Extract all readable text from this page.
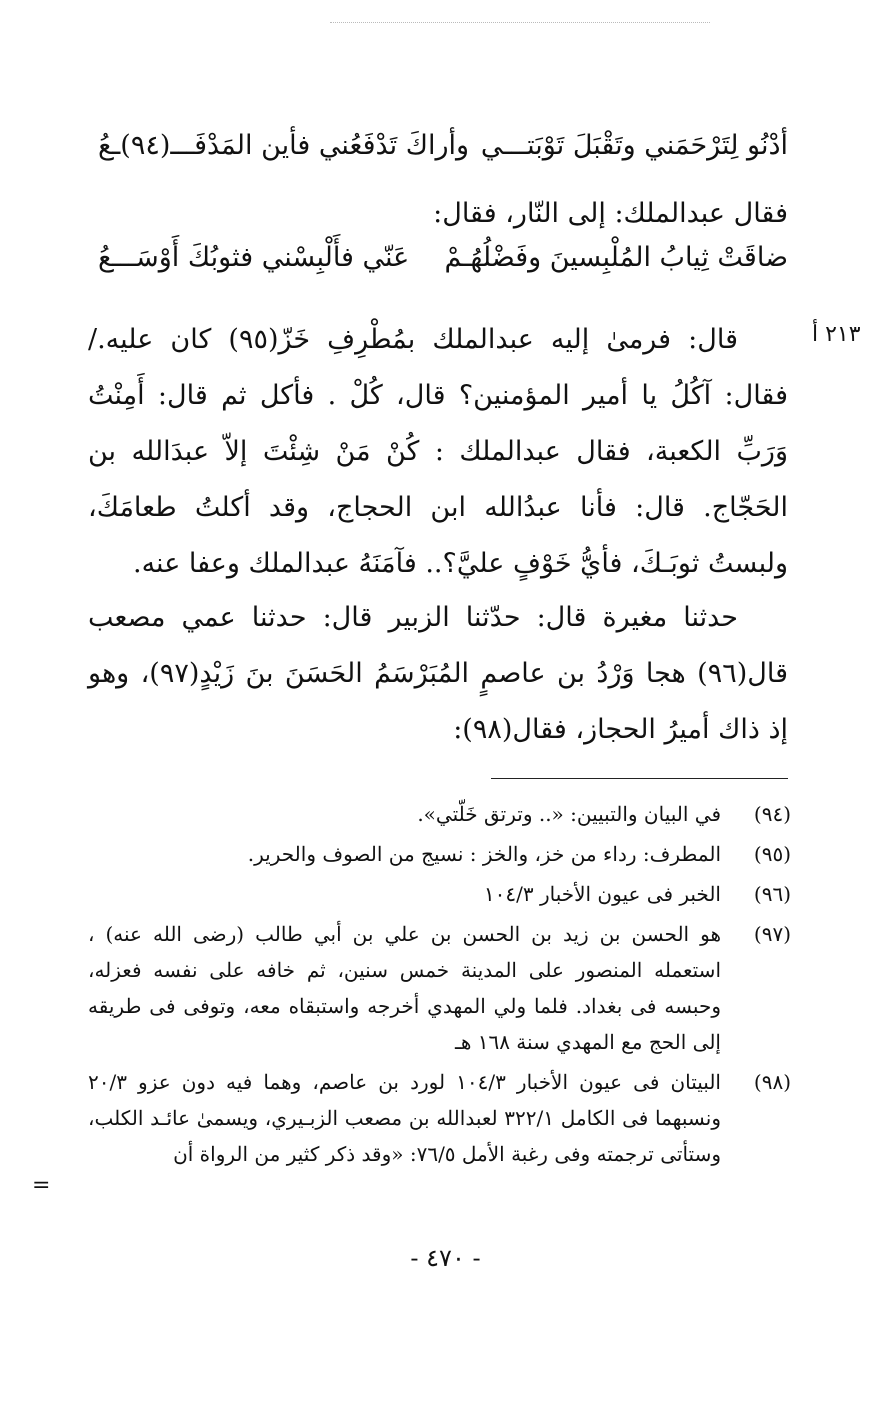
أدْنُو لِتَرْحَمَني وتَقْبَلَ تَوْبَتـــي
وأراكَ تَدْفَعُني فأين المَدْفَـــ(٩٤)ـعُ

فقال عبدالملك: إلى النّار، فقال:

ضاقَتْ ثِيابُ المُلْبِسينَ وفَضْلُهُـمْ
عَنّي فأَلْبِسْني فثوبُكَ أَوْسَـــعُ
٢١٣ أ

قال: فرمىٰ إليه عبدالملك بمُطْرِفِ خَزّ(٩٥) كان عليه./ فقال: آكُلُ يا أمير المؤمنين؟ قال، كُلْ . فأكل ثم قال: أَمِنْتُ وَرَبِّ الكعبة، فقال عبدالملك : كُنْ مَنْ شِئْتَ إلاّ عبدَالله بن الحَجّاج. قال: فأنا عبدُالله ابن الحجاج، وقد أكلتُ طعامَكَ، ولبستُ ثوبَـكَ، فأيُّ خَوْفٍ عليَّ؟.. فآمَنَهُ عبدالملك وعفا عنه.

حدثنا مغيرة قال: حدّثنا الزبير قال: حدثنا عمي مصعب قال(٩٦) هجا وَرْدُ بن عاصمٍ المُبَرْسَمُ الحَسَنَ بنَ زَيْدٍ(٩٧)، وهو إذ ذاك أميرُ الحجاز، فقال(٩٨):

(٩٤)
في البيان والتبيين: «.. وترتق خَلّتي».
(٩٥)
المطرف: رداء من خز، والخز : نسيج من الصوف والحرير.
(٩٦)
الخبر فى عيون الأخبار ١٠٤/٣
(٩٧)
هو الحسن بن زيد بن الحسن بن علي بن أبي طالب (رضى الله عنه) ، استعمله المنصور على المدينة خمس سنين، ثم خافه على نفسه فعزله، وحبسه فى بغداد. فلما ولي المهدي أخرجه واستبقاه معه، وتوفى فى طريقه إلى الحج مع المهدي سنة ١٦٨ هـ
(٩٨)
البيتان فى عيون الأخبار ١٠٤/٣ لورد بن عاصم، وهما فيه دون عزو ٢٠/٣ ونسبهما فى الكامل ٣٢٢/١ لعبدالله بن مصعب الزبـيري، ويسمىٰ عائـد الكلب، وستأتى ترجمته وفى رغبة الأمل ٧٦/٥: «وقد ذكر كثير من الرواة أن
=
- ٤٧٠ -
